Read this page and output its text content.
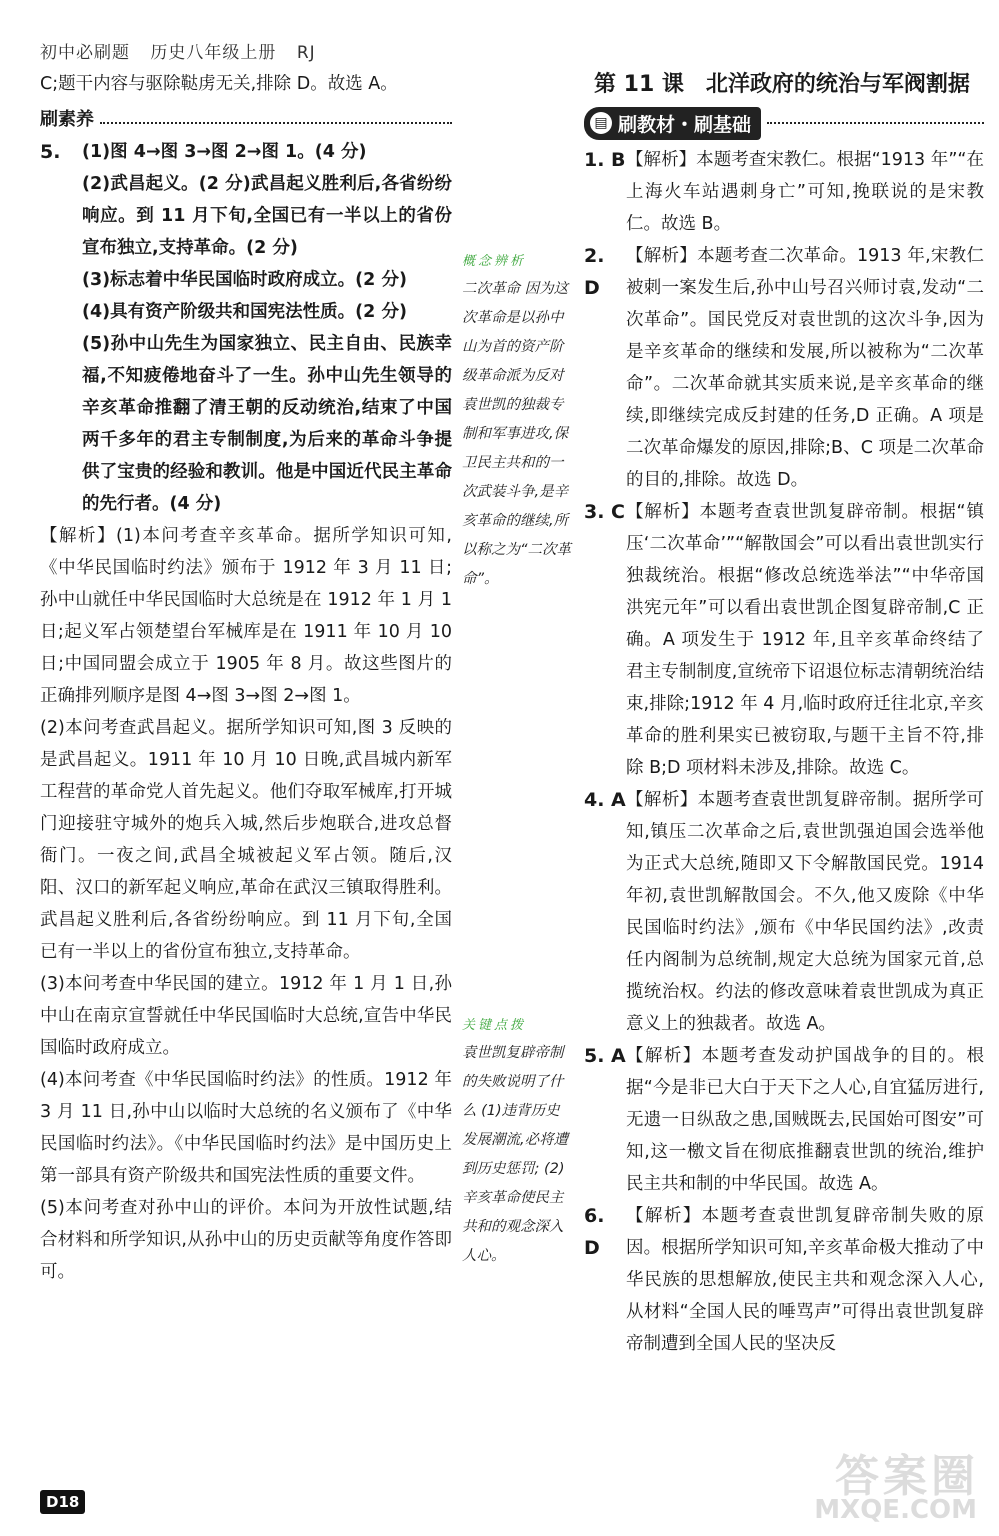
初中必刷题 历史八年级上册 RJ

C;题干内容与驱除鞑虏无关,排除 D。故选 A。

刷素养
5.	(1)图 4→图 3→图 2→图 1。(4 分)

(2)武昌起义。(2 分)武昌起义胜利后,各省纷纷响应。到 11 月下旬,全国已有一半以上的省份宣布独立,支持革命。(2 分)

(3)标志着中华民国临时政府成立。(2 分)

(4)具有资产阶级共和国宪法性质。(2 分)

(5)孙中山先生为国家独立、民主自由、民族幸福,不知疲倦地奋斗了一生。孙中山先生领导的辛亥革命推翻了清王朝的反动统治,结束了中国两千多年的君主专制制度,为后来的革命斗争提供了宝贵的经验和教训。他是中国近代民主革命的先行者。(4 分)

【解析】(1)本问考查辛亥革命。据所学知识可知,《中华民国临时约法》颁布于 1912 年 3 月 11 日;孙中山就任中华民国临时大总统是在 1912 年 1 月 1 日;起义军占领楚望台军械库是在 1911 年 10 月 10 日;中国同盟会成立于 1905 年 8 月。故这些图片的正确排列顺序是图 4→图 3→图 2→图 1。

(2)本问考查武昌起义。据所学知识可知,图 3 反映的是武昌起义。1911 年 10 月 10 日晚,武昌城内新军工程营的革命党人首先起义。他们夺取军械库,打开城门迎接驻守城外的炮兵入城,然后步炮联合,进攻总督衙门。一夜之间,武昌全城被起义军占领。随后,汉阳、汉口的新军起义响应,革命在武汉三镇取得胜利。武昌起义胜利后,各省纷纷响应。到 11 月下旬,全国已有一半以上的省份宣布独立,支持革命。

(3)本问考查中华民国的建立。1912 年 1 月 1 日,孙中山在南京宣誓就任中华民国临时大总统,宣告中华民国临时政府成立。

(4)本问考查《中华民国临时约法》的性质。1912 年 3 月 11 日,孙中山以临时大总统的名义颁布了《中华民国临时约法》。《中华民国临时约法》是中国历史上第一部具有资产阶级共和国宪法性质的重要文件。

(5)本问考查对孙中山的评价。本问为开放性试题,结合材料和所学知识,从孙中山的历史贡献等角度作答即可。

概念辨析

二次革命 因为这次革命是以孙中山为首的资产阶级革命派为反对袁世凯的独裁专制和军事进攻,保卫民主共和的一次武装斗争,是辛亥革命的继续,所以称之为“二次革命”。

关键点拨

袁世凯复辟帝制的失败说明了什么 (1)违背历史发展潮流,必将遭到历史惩罚; (2)辛亥革命使民主共和的观念深入人心。

第 11 课　北洋政府的统治与军阀割据
▤ 刷教材・刷基础
1. B 【解析】本题考查宋教仁。根据“1913 年”“在上海火车站遇刺身亡”可知,挽联说的是宋教仁。故选 B。

2. D

【解析】本题考查二次革命。1913 年,宋教仁被刺一案发生后,孙中山号召兴师讨袁,发动“二次革命”。国民党反对袁世凯的这次斗争,因为是辛亥革命的继续和发展,所以被称为“二次革命”。二次革命就其实质来说,是辛亥革命的继续,即继续完成反封建的任务,D 正确。A 项是二次革命爆发的原因,排除;B、C 项是二次革命的目的,排除。故选 D。

3. C 【解析】本题考查袁世凯复辟帝制。根据“镇压‘二次革命’”“解散国会”可以看出袁世凯实行独裁统治。根据“修改总统选举法”“中华帝国洪宪元年”可以看出袁世凯企图复辟帝制,C 正确。A 项发生于 1912 年,且辛亥革命终结了君主专制制度,宣统帝下诏退位标志清朝统治结束,排除;1912 年 4 月,临时政府迁往北京,辛亥革命的胜利果实已被窃取,与题干主旨不符,排除 B;D 项材料未涉及,排除。故选 C。

4. A 【解析】本题考查袁世凯复辟帝制。据所学可知,镇压二次革命之后,袁世凯强迫国会选举他为正式大总统,随即又下令解散国民党。1914 年初,袁世凯解散国会。不久,他又废除《中华民国临时约法》,颁布《中华民国约法》,改责任内阁制为总统制,规定大总统为国家元首,总揽统治权。约法的修改意味着袁世凯成为真正意义上的独裁者。故选 A。

5. A 【解析】本题考查发动护国战争的目的。根据“今是非已大白于天下之人心,自宜猛厉进行,无遗一日纵敌之患,国贼既去,民国始可图安”可知,这一檄文旨在彻底推翻袁世凯的统治,维护民主共和制的中华民国。故选 A。

6. D

【解析】本题考查袁世凯复辟帝制失败的原因。根据所学知识可知,辛亥革命极大推动了中华民族的思想解放,使民主共和观念深入人心,从材料“全国人民的唾骂声”可得出袁世凯复辟帝制遭到全国人民的坚决反

D18	答案圈
MXQE.COM
